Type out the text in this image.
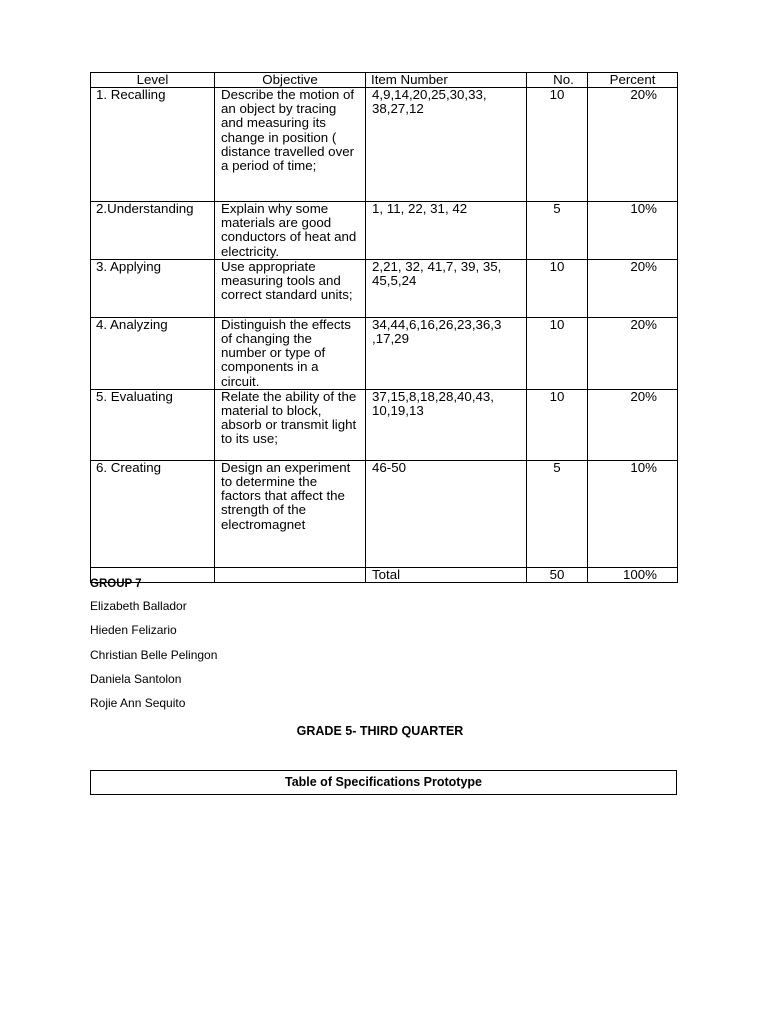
Level	Objective	Item Number	No.	Percent
1. Recalling	Describe the motion of an object by tracing and measuring its change in position ( distance travelled over a period of time;	4,9,14,20,25,30,33, 38,27,12	10	20%
2.Understanding	Explain why some materials are good conductors of heat and electricity.	1, 11, 22, 31, 42	5	10%
3. Applying	Use appropriate measuring tools and correct standard units;	2,21, 32, 41,7, 39, 35, 45,5,24	10	20%
4. Analyzing	Distinguish the effects of changing the number or type of components in a circuit.	34,44,6,16,26,23,36,3 ,17,29	10	20%
5. Evaluating	Relate the ability of the material to block, absorb or transmit light to its use;	37,15,8,18,28,40,43, 10,19,13	10	20%
6. Creating	Design an experiment to determine the factors that affect the strength of the electromagnet	46-50	5	10%
		Total	50	100%
GROUP 7
Elizabeth Ballador
Hieden Felizario
Christian Belle Pelingon
Daniela Santolon
Rojie Ann Sequito
GRADE 5- THIRD QUARTER
Table of Specifications Prototype
